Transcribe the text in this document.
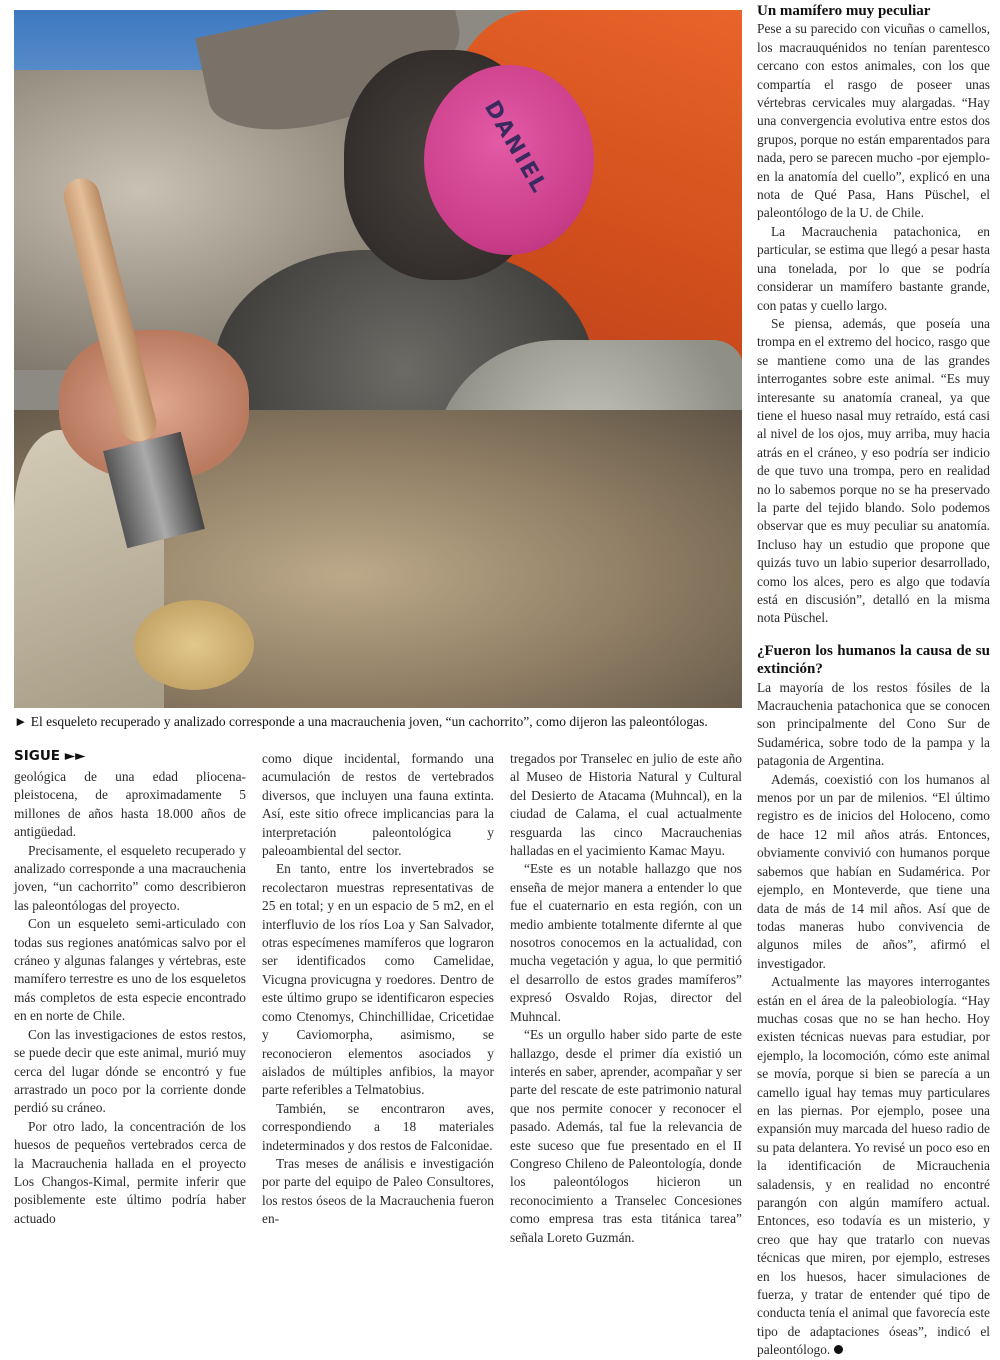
DANIEL
► El esqueleto recuperado y analizado corresponde a una macrauchenia joven, “un cachorrito”, como dijeron las paleontólogas.
SIGUE ►►

geológica de una edad pliocena-pleistocena, de aproximadamente 5 millones de años hasta 18.000 años de antigüedad.

Precisamente, el esqueleto recuperado y analizado corresponde a una macrauchenia joven, “un cachorrito” como describieron las paleontólogas del proyecto.

Con un esqueleto semi-articulado con todas sus regiones anatómicas salvo por el cráneo y algunas falanges y vértebras, este mamífero terrestre es uno de los esqueletos más completos de esta especie encontrado en en norte de Chile.

Con las investigaciones de estos restos, se puede decir que este animal, murió muy cerca del lugar dónde se encontró y fue arrastrado un poco por la corriente donde perdió su cráneo.

Por otro lado, la concentración de los huesos de pequeños vertebrados cerca de la Macrauchenia hallada en el proyecto Los Changos-Kimal, permite inferir que posiblemente este último podría haber actuado

como dique incidental, formando una acumulación de restos de vertebrados diversos, que incluyen una fauna extinta. Así, este sitio ofrece implicancias para la interpretación paleontológica y paleoambiental del sector.

En tanto, entre los invertebrados se recolectaron muestras representativas de 25 en total; y en un espacio de 5 m2, en el interfluvio de los ríos Loa y San Salvador, otras especímenes mamíferos que lograron ser identificados como Camelidae, Vicugna provicugna y roedores. Dentro de este último grupo se identificaron especies como Ctenomys, Chinchillidae, Cricetidae y Caviomorpha, asimismo, se reconocieron elementos asociados y aislados de múltiples anfibios, la mayor parte referibles a Telmatobius.

También, se encontraron aves, correspondiendo a 18 materiales indeterminados y dos restos de Falconidae.

Tras meses de análisis e investigación por parte del equipo de Paleo Consultores, los restos óseos de la Macrauchenia fueron en-

tregados por Transelec en julio de este año al Museo de Historia Natural y Cultural del Desierto de Atacama (Muhncal), en la ciudad de Calama, el cual actualmente resguarda las cinco Macrauchenias halladas en el yacimiento Kamac Mayu.

“Este es un notable hallazgo que nos enseña de mejor manera a entender lo que fue el cuaternario en esta región, con un medio ambiente totalmente difernte al que nosotros conocemos en la actualidad, con mucha vegetación y agua, lo que permitió el desarrollo de estos grades mamíferos” expresó Osvaldo Rojas, director del Muhncal.

“Es un orgullo haber sido parte de este hallazgo, desde el primer día existió un interés en saber, aprender, acompañar y ser parte del rescate de este patrimonio natural que nos permite conocer y reconocer el pasado. Además, tal fue la relevancia de este suceso que fue presentado en el II Congreso Chileno de Paleontología, donde los paleontólogos hicieron un reconocimiento a Transelec Concesiones como empresa tras esta titánica tarea” señala Loreto Guzmán.

Un mamífero muy peculiar

Pese a su parecido con vicuñas o camellos, los macrauquénidos no tenían parentesco cercano con estos animales, con los que compartía el rasgo de poseer unas vértebras cervicales muy alargadas. “Hay una convergencia evolutiva entre estos dos grupos, porque no están emparentados para nada, pero se parecen mucho -por ejemplo- en la anatomía del cuello”, explicó en una nota de Qué Pasa, Hans Püschel, el paleontólogo de la U. de Chile.

La Macrauchenia patachonica, en particular, se estima que llegó a pesar hasta una tonelada, por lo que se podría considerar un mamífero bastante grande, con patas y cuello largo.

Se piensa, además, que poseía una trompa en el extremo del hocico, rasgo que se mantiene como una de las grandes interrogantes sobre este animal. “Es muy interesante su anatomía craneal, ya que tiene el hueso nasal muy retraído, está casi al nivel de los ojos, muy arriba, muy hacia atrás en el cráneo, y eso podría ser indicio de que tuvo una trompa, pero en realidad no lo sabemos porque no se ha preservado la parte del tejido blando. Solo podemos observar que es muy peculiar su anatomía. Incluso hay un estudio que propone que quizás tuvo un labio superior desarrollado, como los alces, pero es algo que todavía está en discusión”, detalló en la misma nota Püschel.

¿Fueron los humanos la causa de su extinción?

La mayoría de los restos fósiles de la Macrauchenia patachonica que se conocen son principalmente del Cono Sur de Sudamérica, sobre todo de la pampa y la patagonia de Argentina.

Además, coexistió con los humanos al menos por un par de milenios. “El último registro es de inicios del Holoceno, como de hace 12 mil años atrás. Entonces, obviamente convivió con humanos porque sabemos que habían en Sudamérica. Por ejemplo, en Monteverde, que tiene una data de más de 14 mil años. Así que de todas maneras hubo convivencia de algunos miles de años”, afirmó el investigador.

Actualmente las mayores interrogantes están en el área de la paleobiología. “Hay muchas cosas que no se han hecho. Hoy existen técnicas nuevas para estudiar, por ejemplo, la locomoción, cómo este animal se movía, porque si bien se parecía a un camello igual hay temas muy particulares en las piernas. Por ejemplo, posee una expansión muy marcada del hueso radio de su pata delantera. Yo revisé un poco eso en la identificación de Micrauchenia saladensis, y en realidad no encontré parangón con algún mamífero actual. Entonces, eso todavía es un misterio, y creo que hay que tratarlo con nuevas técnicas que miren, por ejemplo, estreses en los huesos, hacer simulaciones de fuerza, y tratar de entender qué tipo de conducta tenía el animal que favorecía este tipo de adaptaciones óseas”, indicó el paleontólogo.
